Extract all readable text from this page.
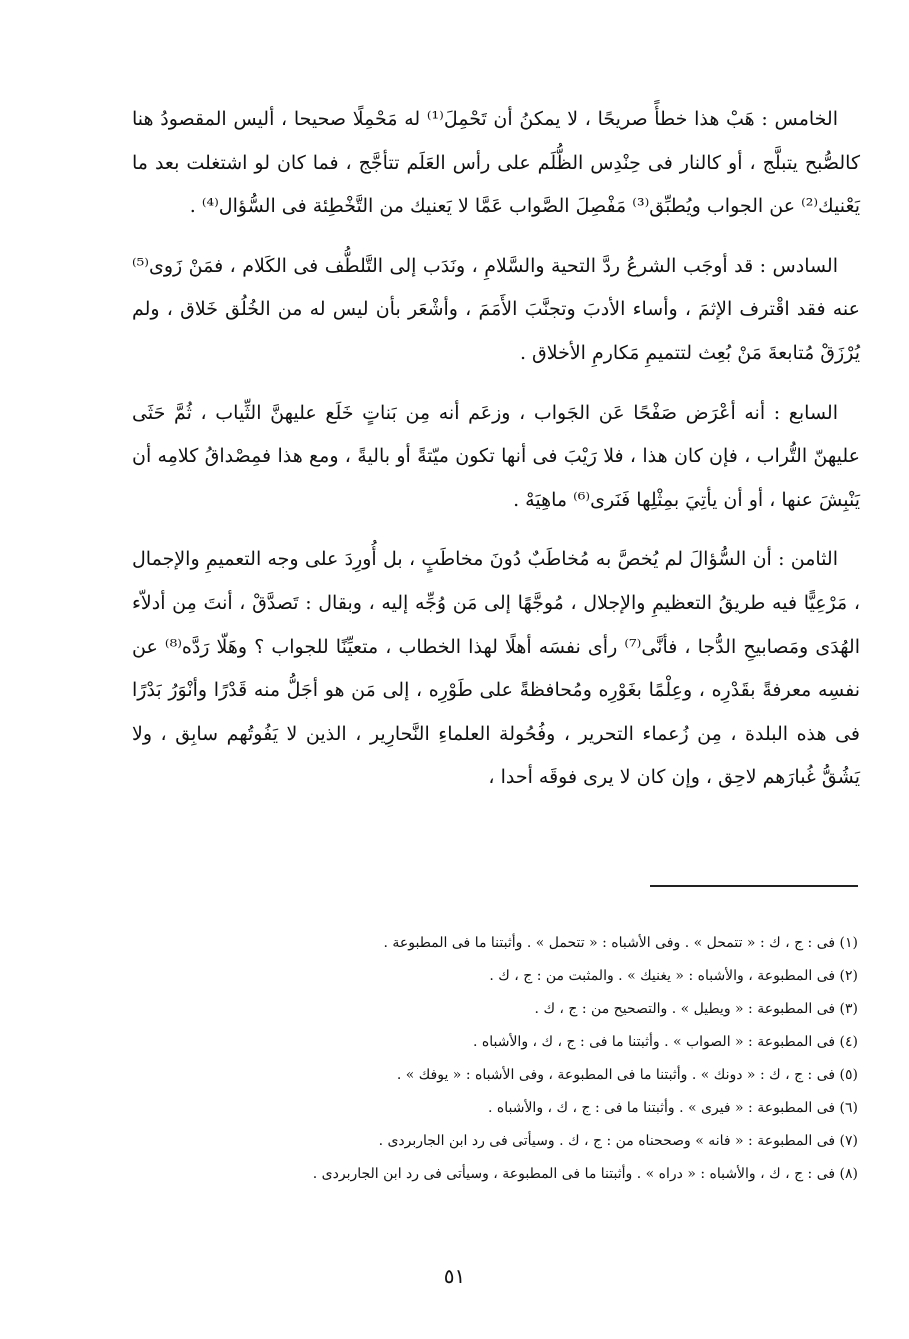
الخامس : هَبْ هذا خطأً صريحًا ، لا يمكنُ أن تَحْمِلَ⁽¹⁾ له مَحْمِلًا صحيحا ، أليس المقصودُ هنا كالصُّبح يتبلَّج ، أو كالنار فى حِنْدِس الظُّلَم على رأس العَلَم تتأجَّج ، فما كان لو اشتغلت بعد ما يَعْنيك⁽²⁾ عن الجواب ويُطبِّق⁽³⁾ مَفْصِلَ الصَّواب عَمَّا لا يَعنيك من التَّخْطِئة فى السُّؤال⁽⁴⁾ .

السادس : قد أوجَب الشرعُ ردَّ التحية والسَّلامِ ، ونَدَب إلى التَّلطُّف فى الكَلام ، فمَنْ زَوى⁽⁵⁾ عنه فقد اقْترف الإثمَ ، وأساء الأدبَ وتجنَّبَ الأَمَمَ ، وأشْعَر بأن ليس له من الخُلُق خَلاق ، ولم يُرْزَقْ مُتابعةَ مَنْ بُعِث لتتميمِ مَكارمِ الأخلاق .

السابع : أنه أعْرَض صَفْحًا عَن الجَواب ، وزعَم أنه مِن بَناتٍ خَلَع عليهنَّ الثِّياب ، ثُمَّ حَثَى عليهنّ التُّراب ، فإن كان هذا ، فلا رَيْبَ فى أنها تكون ميّتةً أو باليةً ، ومع هذا فمِصْداقُ كلامِه أن يَنْبِشَ عنها ، أو أن يأتِيَ بمِثْلِها فَنَرى⁽⁶⁾ ماهِيَهْ .

الثامن : أن السُّؤالَ لم يُخصَّ به مُخاطَبٌ دُونَ مخاطَبٍ ، بل أُورِدَ على وجه التعميمِ والإجمال ، مَرْعِيًّا فيه طريقُ التعظيمِ والإجلال ، مُوجَّهًا إلى مَن وُجِّه إليه ، وبقال : تَصدَّقْ ، أنتَ مِن أدلاّء الهُدَى ومَصابيحِ الدُّجا ، فأنَّى⁽⁷⁾ رأى نفسَه أهلًا لهذا الخطاب ، متعيِّنًا للجواب ؟ وهَلّا رَدَّه⁽⁸⁾ عن نفسِه معرفةً بقَدْرِه ، وعِلْمًا بغَوْرِه ومُحافظةً على طَوْرِه ، إلى مَن هو أجَلُّ منه قَدْرًا وأنْوَرُ بَدْرًا فى هذه البلدة ، مِن زُعماء التحرير ، وفُحُولة العلماءِ النَّحارِير ، الذين لا يَفُوتُهم سابِق ، ولا يَشُقُّ غُبارَهم لاحِق ، وإن كان لا يرى فوقَه أحدا ،

(١) فى : ج ، ك : « تتمحل » . وفى الأشباه : « تتحمل » . وأثبتنا ما فى المطبوعة .

(٢) فى المطبوعة ، والأشباه : « يغنيك » . والمثبت من : ج ، ك .

(٣) فى المطبوعة : « ويطيل » . والتصحيح من : ج ، ك .

(٤) فى المطبوعة : « الصواب » . وأثبتنا ما فى : ج ، ك ، والأشباه .

(٥) فى : ج ، ك : « دونك » . وأثبتنا ما فى المطبوعة ، وفى الأشباه : « يوفك » .

(٦) فى المطبوعة : « فيرى » . وأثبتنا ما فى : ج ، ك ، والأشباه .

(٧) فى المطبوعة : « فانه » وصححناه من : ج ، ك . وسيأتى فى رد ابن الجاربردى .

(٨) فى : ج ، ك ، والأشباه : « دراه » . وأثبتنا ما فى المطبوعة ، وسيأتى فى رد ابن الجاربردى .

٥١
